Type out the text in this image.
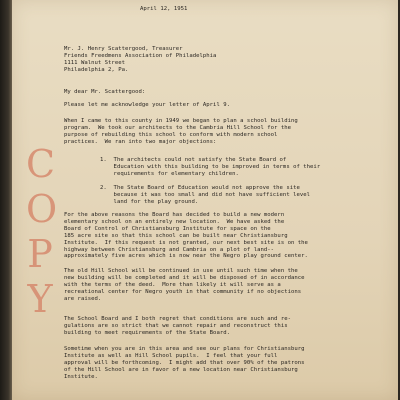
April 12, 1951
Mr. J. Henry Scattergood, Treasurer
Friends Freedmens Association of Philadelphia
1111 Walnut Street
Philadelphia 2, Pa.
My dear Mr. Scattergood:
Please let me acknowledge your letter of April 9.
When I came to this county in 1949 we began to plan a school building
program.  We took our architects to the Cambria Hill School for the
purpose of rebuilding this school to conform with modern school
practices.  We ran into two major objections:
1.  The architects could not satisfy the State Board of
Education with this building to be improved in terms of their
requirements for elementary children.
2.  The State Board of Education would not approve the site
because it was too small and did not have sufficient level
land for the play ground.
For the above reasons the Board has decided to build a new modern
elementary school on an entirely new location.  We have asked the
Board of Control of Christiansburg Institute for space on the
185 acre site so that this school can be built near Christiansburg
Institute.  If this request is not granted, our next best site is on the
highway between Christiansburg and Cambria on a plot of land--
approximately five acres which is now near the Negro play ground center.
The old Hill School will be continued in use until such time when the
new building will be completed and it will be disposed of in accordance
with the terms of the deed.  More than likely it will serve as a
recreational center for Negro youth in that community if no objections
are raised.
The School Board and I both regret that conditions are such and re-
gulations are so strict that we cannot repair and reconstruct this
building to meet requirements of the State Board.
Sometime when you are in this area and see our plans for Christiansburg
Institute as well as Hill School pupils.  I feel that your full
approval will be forthcoming.  I might add that over 90% of the patrons
of the Hill School are in favor of a new location near Christiansburg
Institute.
C
O
P
Y
